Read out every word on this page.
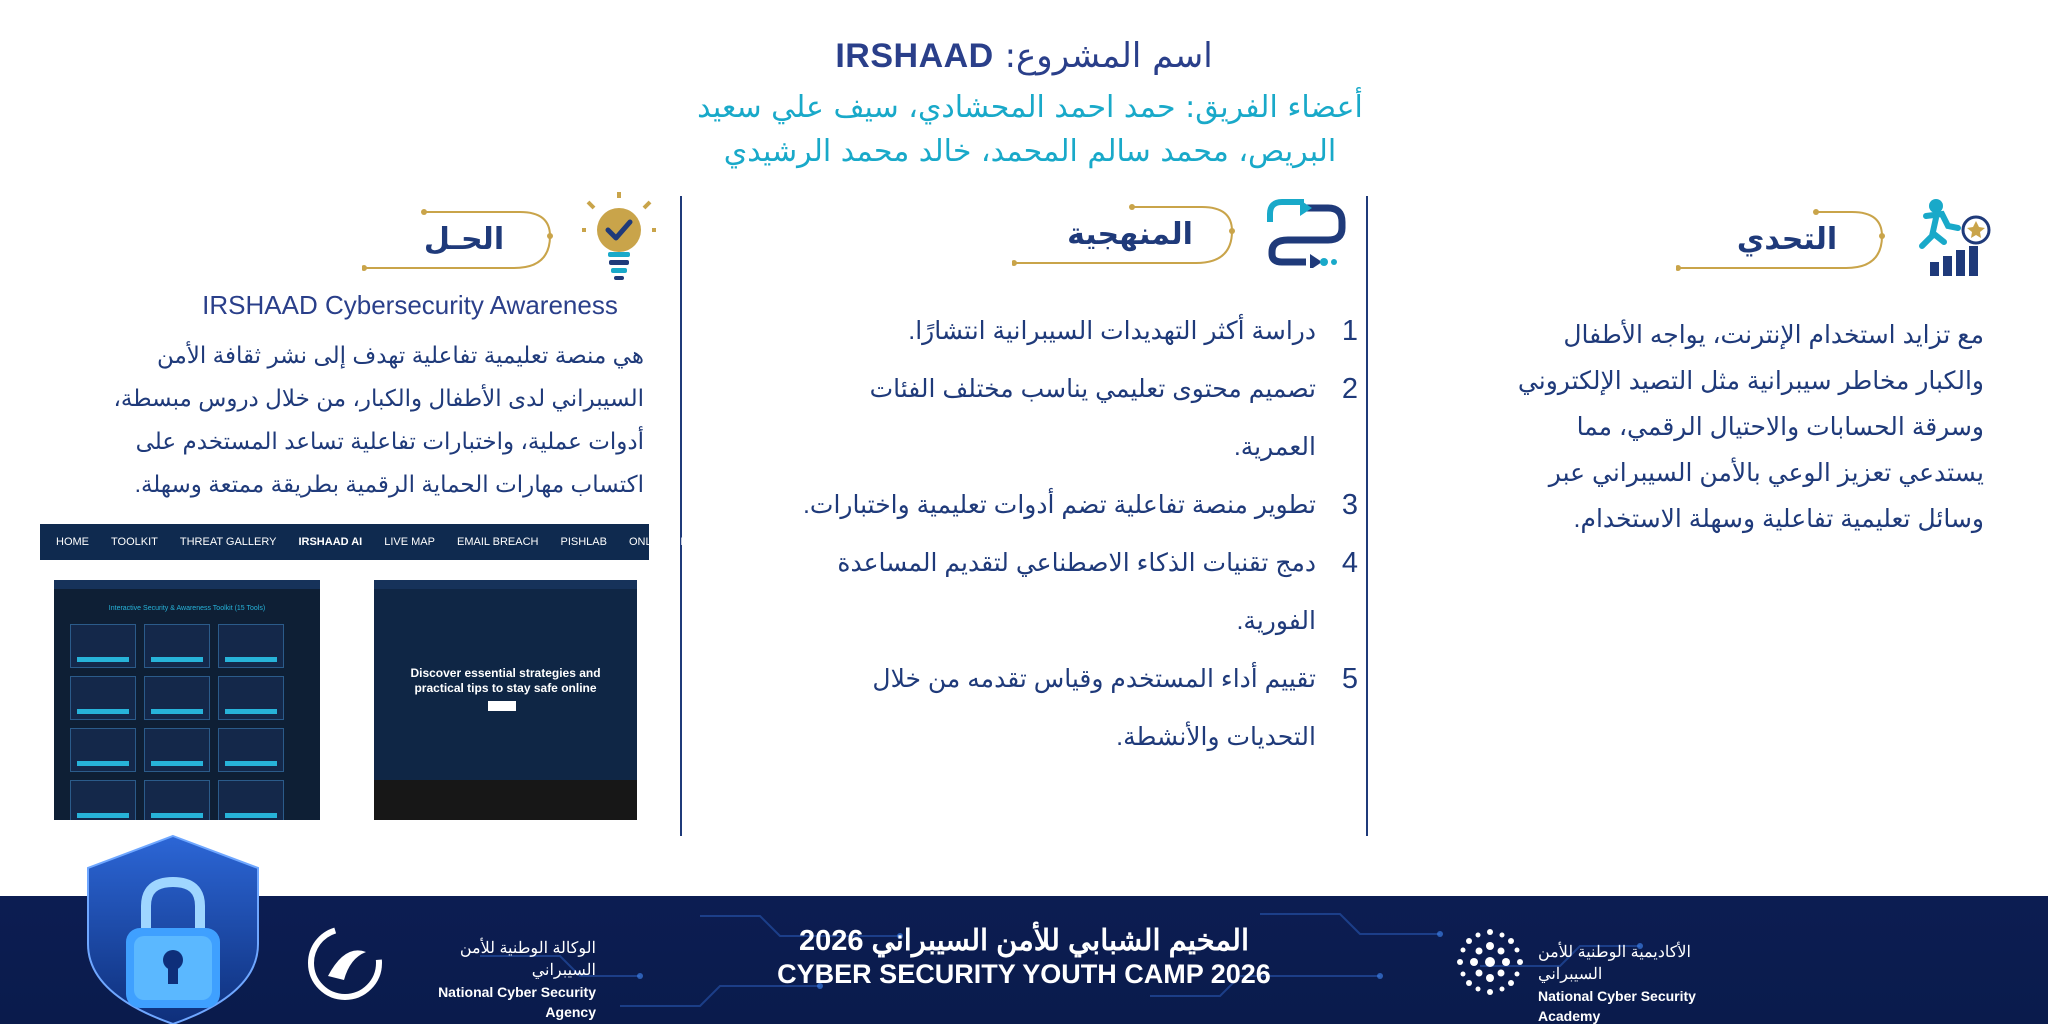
اسم المشروع: IRSHAAD
أعضاء الفريق: حمد احمد المحشادي، سيف علي سعيد
البريص، محمد سالم المحمد، خالد محمد الرشيدي
التحدي
مع تزايد استخدام الإنترنت، يواجه الأطفال والكبار مخاطر سيبرانية مثل التصيد الإلكتروني وسرقة الحسابات والاحتيال الرقمي، مما يستدعي تعزيز الوعي بالأمن السيبراني عبر وسائل تعليمية تفاعلية وسهلة الاستخدام.
المنهجية
1
دراسة أكثر التهديدات السيبرانية انتشارًا.
2
تصميم محتوى تعليمي يناسب مختلف الفئات العمرية.
3
تطوير منصة تفاعلية تضم أدوات تعليمية واختبارات.
4
دمج تقنيات الذكاء الاصطناعي لتقديم المساعدة الفورية.
5
تقييم أداء المستخدم وقياس تقدمه من خلال التحديات والأنشطة.
الحـل
IRSHAAD Cybersecurity Awareness
هي منصة تعليمية تفاعلية تهدف إلى نشر ثقافة الأمن السيبراني لدى الأطفال والكبار، من خلال دروس مبسطة، أدوات عملية، واختبارات تفاعلية تساعد المستخدم على اكتساب مهارات الحماية الرقمية بطريقة ممتعة وسهلة.
HOME TOOLKIT THREAT GALLERY IRSHAAD AI LIVE MAP EMAIL BREACH PISHLAB ONLINE SESSION
Interactive Security & Awareness Toolkit (15 Tools)
Discover essential strategies and practical tips to stay safe online
المخيم الشبابي للأمن السيبراني 2026
CYBER SECURITY YOUTH CAMP 2026
الوكالة الوطنية للأمن السيبراني
National Cyber Security Agency
الأكاديمية الوطنية للأمن السيبراني
National Cyber Security Academy
